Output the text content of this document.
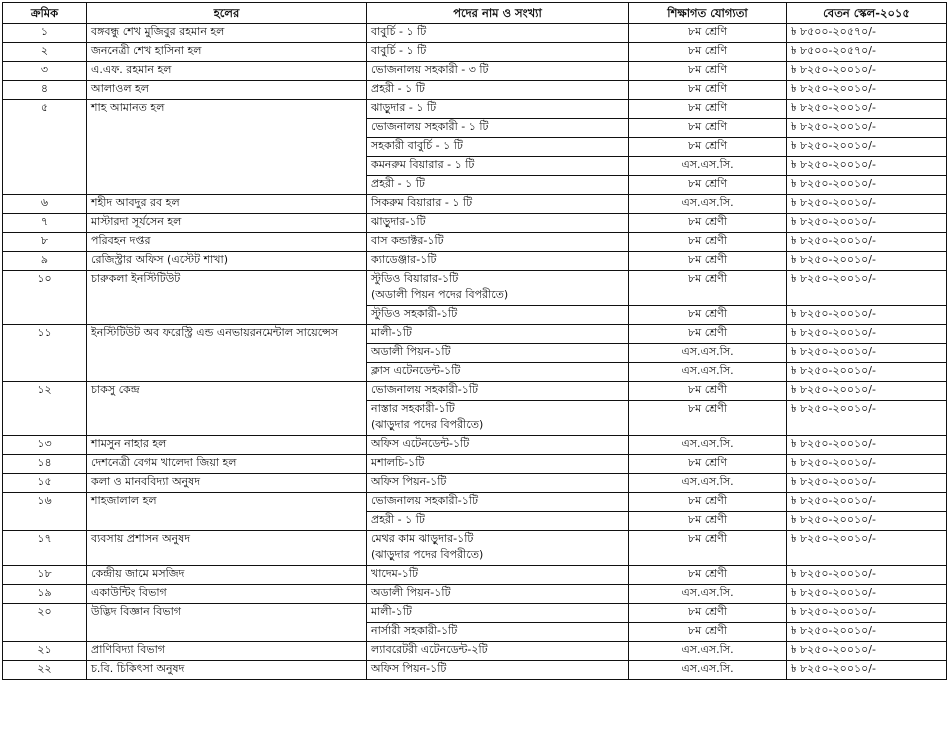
ক্রমিক	হলের	পদের নাম ও সংখ্যা	শিক্ষাগত যোগ্যতা	বেতন স্কেল-২০১৫
১	বঙ্গবন্ধু শেখ মুজিবুর রহমান হল	বাবুর্চি - ১ টি	৮ম শ্রেণি	৳ ৮৫০০-২০৫৭০/-
২	জননেত্রী শেখ হাসিনা হল	বাবুর্চি - ১ টি	৮ম শ্রেণি	৳ ৮৫০০-২০৫৭০/-
৩	এ.এফ. রহমান হল	ভোজনালয় সহকারী - ৩ টি	৮ম শ্রেণি	৳ ৮২৫০-২০০১০/-
৪	আলাওল হল	প্রহরী - ১ টি	৮ম শ্রেণি	৳ ৮২৫০-২০০১০/-
৫	শাহ আমানত হল	ঝাড়ুদার - ১ টি	৮ম শ্রেণি	৳ ৮২৫০-২০০১০/-

		ভোজনালয় সহকারী - ১ টি	৮ম শ্রেণি	৳ ৮২৫০-২০০১০/-

		সহকারী বাবুর্চি - ১ টি	৮ম শ্রেণি	৳ ৮২৫০-২০০১০/-

		কমনরুম বিয়ারার - ১ টি	এস.এস.সি.	৳ ৮২৫০-২০০১০/-

		প্রহরী - ১ টি	৮ম শ্রেণি	৳ ৮২৫০-২০০১০/-
৬	শহীদ আবদুর রব হল	সিকরুম বিয়ারার - ১ টি	এস.এস.সি.	৳ ৮২৫০-২০০১০/-
৭	মাস্টারদা সূর্যসেন হল	ঝাড়ুদার-১টি	৮ম শ্রেণী	৳ ৮২৫০-২০০১০/-
৮	পরিবহন দপ্তর	বাস কন্ডাক্টর-১টি	৮ম শ্রেণী	৳ ৮২৫০-২০০১০/-
৯	রেজিস্ট্রার অফিস (এস্টেট শাখা)	ক্যাডেঞ্জার-১টি	৮ম শ্রেণী	৳ ৮২৫০-২০০১০/-
১০	চারুকলা ইনস্টিটিউট	স্টুডিও বিয়ারার-১টি
(অডালী পিয়ন পদের বিপরীতে)	৮ম শ্রেণী	৳ ৮২৫০-২০০১০/-

		স্টুডিও সহকারী-১টি	৮ম শ্রেণী	৳ ৮২৫০-২০০১০/-
১১	ইনস্টিটিউট অব ফরেস্ট্রি এন্ড এনভায়রনমেন্টাল সায়েন্সেস	মালী-১টি	৮ম শ্রেণী	৳ ৮২৫০-২০০১০/-

		অডালী পিয়ন-১টি	এস.এস.সি.	৳ ৮২৫০-২০০১০/-

		ক্লাস এটেনডেন্ট-১টি	এস.এস.সি.	৳ ৮২৫০-২০০১০/-
১২	চাকসু কেন্দ্র	ভোজনালয় সহকারী-১টি	৮ম শ্রেণী	৳ ৮২৫০-২০০১০/-

		নাস্তার সহকারী-১টি
(ঝাড়ুদার পদের বিপরীতে)	৮ম শ্রেণী	৳ ৮২৫০-২০০১০/-
১৩	শামসুন নাহার হল	অফিস এটেনডেন্ট-১টি	এস.এস.সি.	৳ ৮২৫০-২০০১০/-
১৪	দেশনেত্রী বেগম খালেদা জিয়া হল	মশালচি-১টি	৮ম শ্রেণি	৳ ৮২৫০-২০০১০/-
১৫	কলা ও মানববিদ্যা অনুষদ	অফিস পিয়ন-১টি	এস.এস.সি.	৳ ৮২৫০-২০০১০/-
১৬	শাহজালাল হল	ভোজনালয় সহকারী-১টি	৮ম শ্রেণী	৳ ৮২৫০-২০০১০/-

		প্রহরী - ১ টি	৮ম শ্রেণী	৳ ৮২৫০-২০০১০/-
১৭	ব্যবসায় প্রশাসন অনুষদ	মেথর কাম ঝাড়ুদার-১টি
(ঝাড়ুদার পদের বিপরীতে)	৮ম শ্রেণী	৳ ৮২৫০-২০০১০/-
১৮	কেন্দ্রীয় জামে মসজিদ	খাদেম-১টি	৮ম শ্রেণী	৳ ৮২৫০-২০০১০/-
১৯	একাউন্টিং বিভাগ	অডালী পিয়ন-১টি	এস.এস.সি.	৳ ৮২৫০-২০০১০/-
২০	উদ্ভিদ বিজ্ঞান বিভাগ	মালী-১টি	৮ম শ্রেণী	৳ ৮২৫০-২০০১০/-

		নার্সারী সহকারী-১টি	৮ম শ্রেণী	৳ ৮২৫০-২০০১০/-
২১	প্রাণিবিদ্যা বিভাগ	ল্যাবরেটরী এটেনডেন্ট-২টি	এস.এস.সি.	৳ ৮২৫০-২০০১০/-
২২	চ.বি. চিকিৎসা অনুষদ	অফিস পিয়ন-১টি	এস.এস.সি.	৳ ৮২৫০-২০০১০/-
